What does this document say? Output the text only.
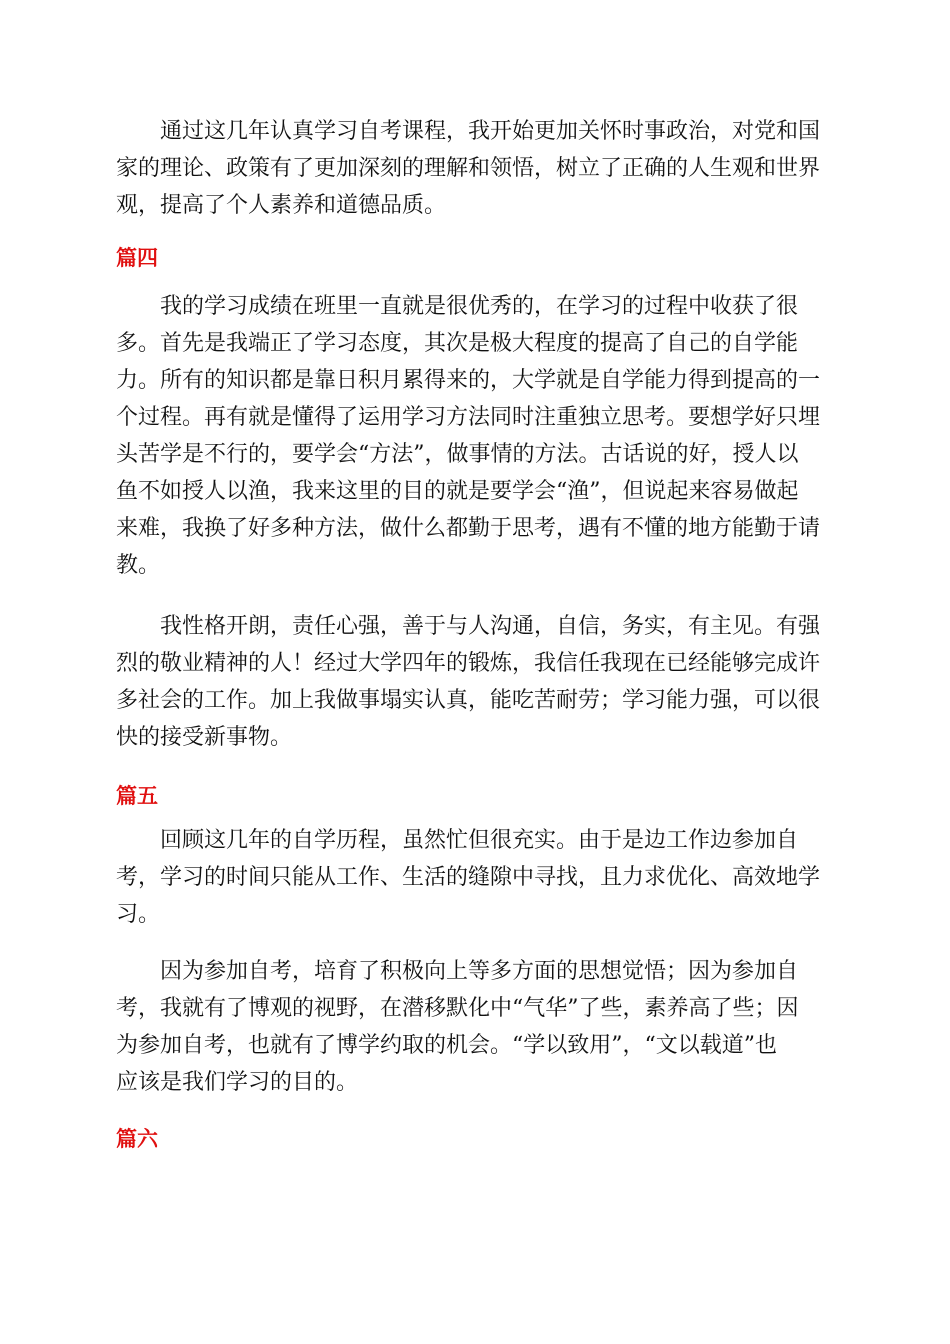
通过这几年认真学习自考课程，我开始更加关怀时事政治，对党和国
家的理论、政策有了更加深刻的理解和领悟，树立了正确的人生观和世界
观，提高了个人素养和道德品质。

篇四

我的学习成绩在班里一直就是很优秀的，在学习的过程中收获了很
多。首先是我端正了学习态度，其次是极大程度的提高了自己的自学能
力。所有的知识都是靠日积月累得来的，大学就是自学能力得到提高的一
个过程。再有就是懂得了运用学习方法同时注重独立思考。要想学好只埋
头苦学是不行的，要学会“方法”，做事情的方法。古话说的好，授人以
鱼不如授人以渔，我来这里的目的就是要学会“渔”，但说起来容易做起
来难，我换了好多种方法，做什么都勤于思考，遇有不懂的地方能勤于请
教。

我性格开朗，责任心强，善于与人沟通，自信，务实，有主见。有强
烈的敬业精神的人！经过大学四年的锻炼，我信任我现在已经能够完成许
多社会的工作。加上我做事塌实认真，能吃苦耐劳；学习能力强，可以很
快的接受新事物。

篇五

回顾这几年的自学历程，虽然忙但很充实。由于是边工作边参加自
考，学习的时间只能从工作、生活的缝隙中寻找，且力求优化、高效地学
习。

因为参加自考，培育了积极向上等多方面的思想觉悟；因为参加自
考，我就有了博观的视野，在潜移默化中“气华”了些，素养高了些；因
为参加自考，也就有了博学约取的机会。“学以致用”，“文以载道”也
应该是我们学习的目的。

篇六
